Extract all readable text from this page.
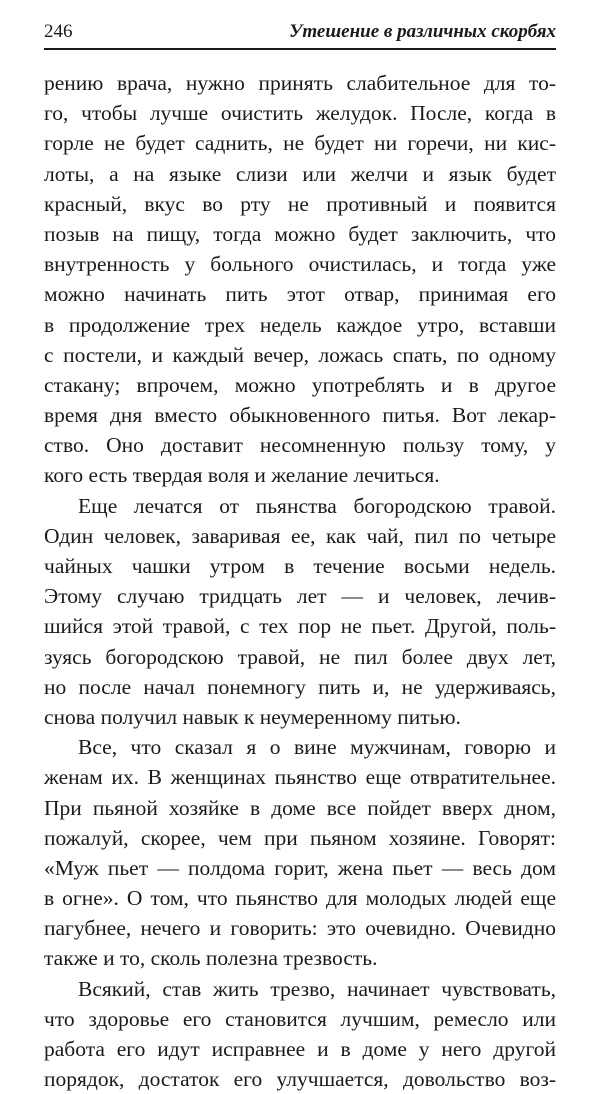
246	Утешение в различных скорбях
рению врача, нужно принять слабительное для то-
го, чтобы лучше очистить желудок. После, когда в
горле не будет саднить, не будет ни горечи, ни кис-
лоты, а на языке слизи или желчи и язык будет
красный, вкус во рту не противный и появится
позыв на пищу, тогда можно будет заключить, что
внутренность у больного очистилась, и тогда уже
можно начинать пить этот отвар, принимая его
в продолжение трех недель каждое утро, вставши
с постели, и каждый вечер, ложась спать, по одному
стакану; впрочем, можно употреблять и в другое
время дня вместо обыкновенного питья. Вот лекар-
ство. Оно доставит несомненную пользу тому, у
кого есть твердая воля и желание лечиться.
Еще лечатся от пьянства богородскою травой.
Один человек, заваривая ее, как чай, пил по четыре
чайных чашки утром в течение восьми недель.
Этому случаю тридцать лет — и человек, лечив-
шийся этой травой, с тех пор не пьет. Другой, поль-
зуясь богородскою травой, не пил более двух лет,
но после начал понемногу пить и, не удерживаясь,
снова получил навык к неумеренному питью.
Все, что сказал я о вине мужчинам, говорю и
женам их. В женщинах пьянство еще отвратительнее.
При пьяной хозяйке в доме все пойдет вверх дном,
пожалуй, скорее, чем при пьяном хозяине. Говорят:
«Муж пьет — полдома горит, жена пьет — весь дом
в огне». О том, что пьянство для молодых людей еще
пагубнее, нечего и говорить: это очевидно. Очевидно
также и то, сколь полезна трезвость.
Всякий, став жить трезво, начинает чувствовать,
что здоровье его становится лучшим, ремесло или
работа его идут исправнее и в доме у него другой
порядок, достаток его улучшается, довольство воз-
